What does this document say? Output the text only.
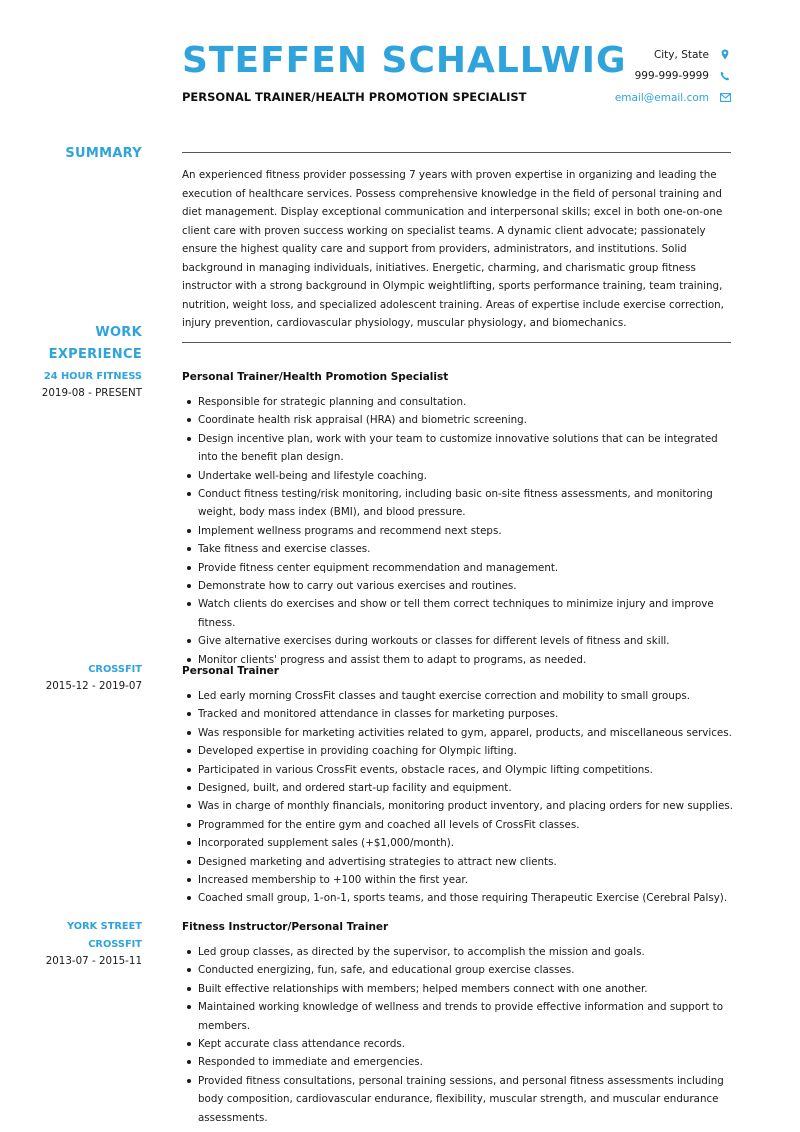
STEFFEN SCHALLWIG
PERSONAL TRAINER/HEALTH PROMOTION SPECIALIST
City, State
999-999-9999
email@email.com
SUMMARY
An experienced fitness provider possessing 7 years with proven expertise in organizing and leading the execution of healthcare services. Possess comprehensive knowledge in the field of personal training and diet management. Display exceptional communication and interpersonal skills; excel in both one-on-one client care with proven success working on specialist teams. A dynamic client advocate; passionately ensure the highest quality care and support from providers, administrators, and institutions. Solid background in managing individuals, initiatives. Energetic, charming, and charismatic group fitness instructor with a strong background in Olympic weightlifting, sports performance training, team training, nutrition, weight loss, and specialized adolescent training. Areas of expertise include exercise correction, injury prevention, cardiovascular physiology, muscular physiology, and biomechanics.
WORK
EXPERIENCE
24 HOUR FITNESS
2019-08 - PRESENT
Personal Trainer/Health Promotion Specialist
Responsible for strategic planning and consultation.
Coordinate health risk appraisal (HRA) and biometric screening.
Design incentive plan, work with your team to customize innovative solutions that can be integrated into the benefit plan design.
Undertake well-being and lifestyle coaching.
Conduct fitness testing/risk monitoring, including basic on-site fitness assessments, and monitoring weight, body mass index (BMI), and blood pressure.
Implement wellness programs and recommend next steps.
Take fitness and exercise classes.
Provide fitness center equipment recommendation and management.
Demonstrate how to carry out various exercises and routines.
Watch clients do exercises and show or tell them correct techniques to minimize injury and improve fitness.
Give alternative exercises during workouts or classes for different levels of fitness and skill.
Monitor clients' progress and assist them to adapt to programs, as needed.
CROSSFIT
2015-12 - 2019-07
Personal Trainer
Led early morning CrossFit classes and taught exercise correction and mobility to small groups.
Tracked and monitored attendance in classes for marketing purposes.
Was responsible for marketing activities related to gym, apparel, products, and miscellaneous services.
Developed expertise in providing coaching for Olympic lifting.
Participated in various CrossFit events, obstacle races, and Olympic lifting competitions.
Designed, built, and ordered start-up facility and equipment.
Was in charge of monthly financials, monitoring product inventory, and placing orders for new supplies.
Programmed for the entire gym and coached all levels of CrossFit classes.
Incorporated supplement sales (+$1,000/month).
Designed marketing and advertising strategies to attract new clients.
Increased membership to +100 within the first year.
Coached small group, 1-on-1, sports teams, and those requiring Therapeutic Exercise (Cerebral Palsy).
YORK STREET
CROSSFIT
2013-07 - 2015-11
Fitness Instructor/Personal Trainer
Led group classes, as directed by the supervisor, to accomplish the mission and goals.
Conducted energizing, fun, safe, and educational group exercise classes.
Built effective relationships with members; helped members connect with one another.
Maintained working knowledge of wellness and trends to provide effective information and support to members.
Kept accurate class attendance records.
Responded to immediate and emergencies.
Provided fitness consultations, personal training sessions, and personal fitness assessments including body composition, cardiovascular endurance, flexibility, muscular strength, and muscular endurance assessments.
